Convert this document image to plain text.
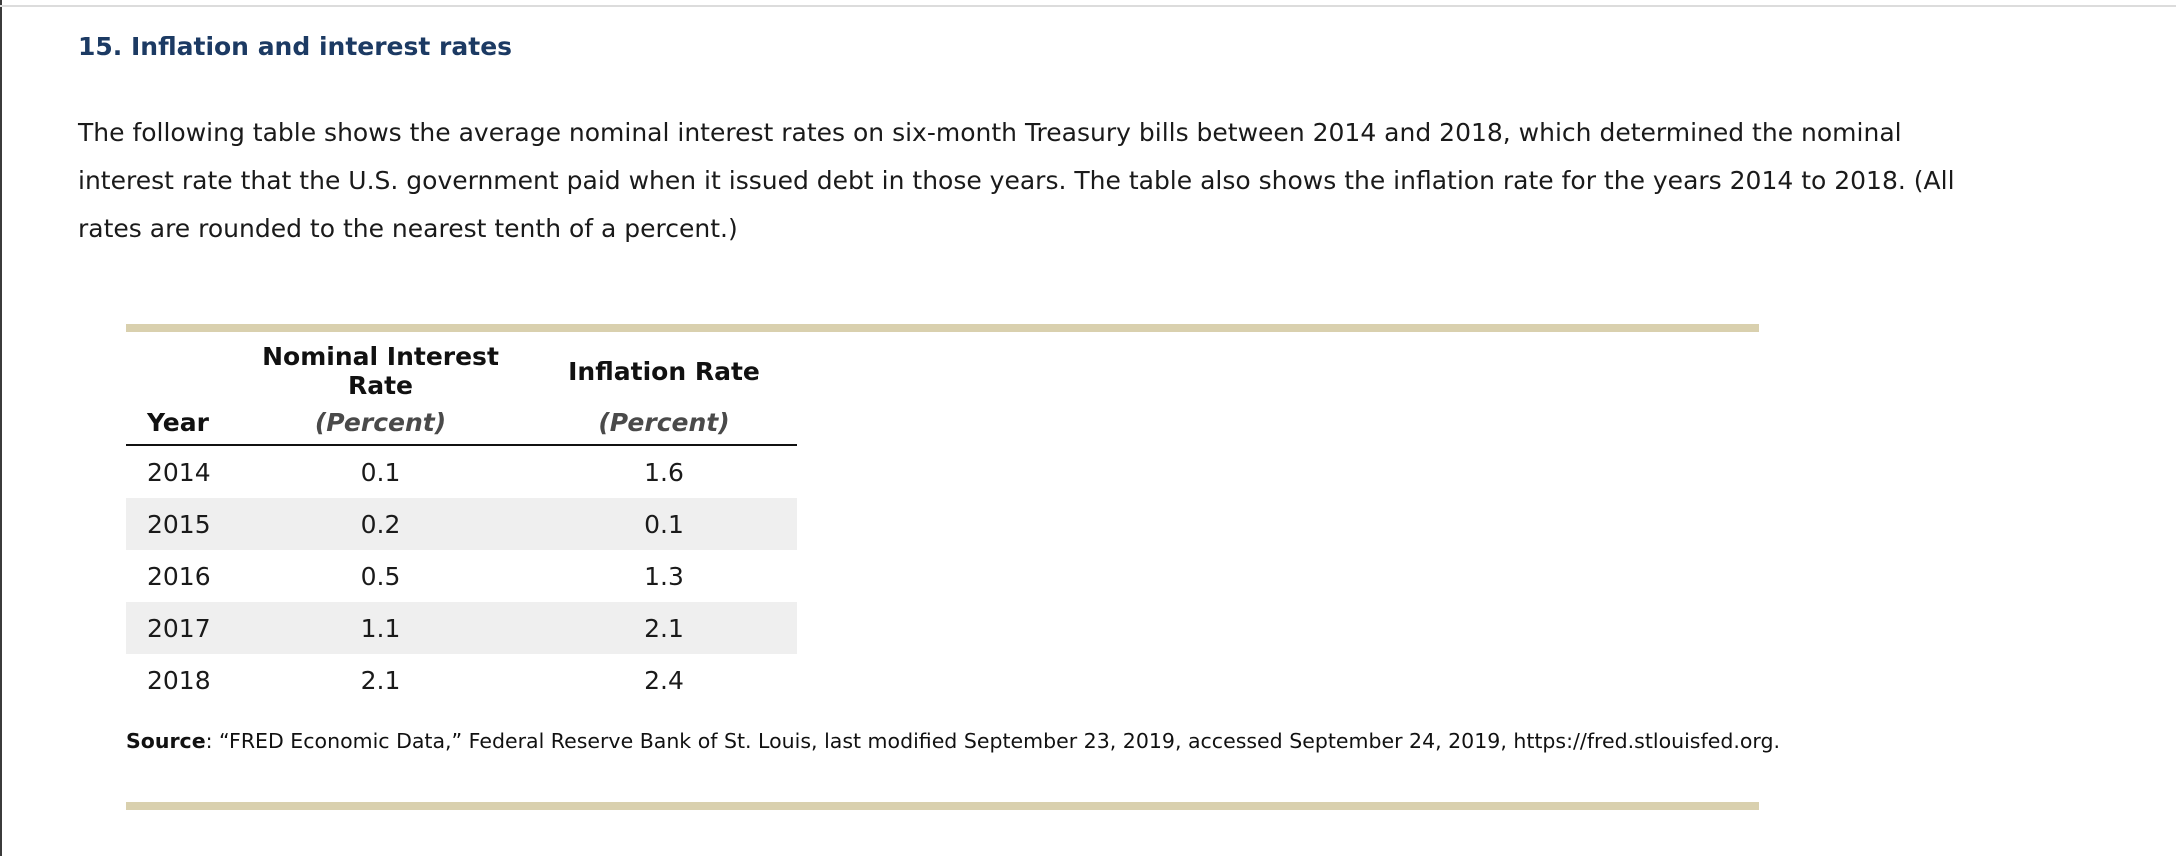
15. Inflation and interest rates

The following table shows the average nominal interest rates on six-month Treasury bills between 2014 and 2018, which determined the nominal interest rate that the U.S. government paid when it issued debt in those years. The table also shows the inflation rate for the years 2014 to 2018. (All rates are rounded to the nearest tenth of a percent.)

	Nominal Interest Rate	Inflation Rate
Year	(Percent)	(Percent)
2014	0.1	1.6
2015	0.2	0.1
2016	0.5	1.3
2017	1.1	2.1
2018	2.1	2.4

Source: “FRED Economic Data,” Federal Reserve Bank of St. Louis, last modified September 23, 2019, accessed September 24, 2019, https://fred.stlouisfed.org.
